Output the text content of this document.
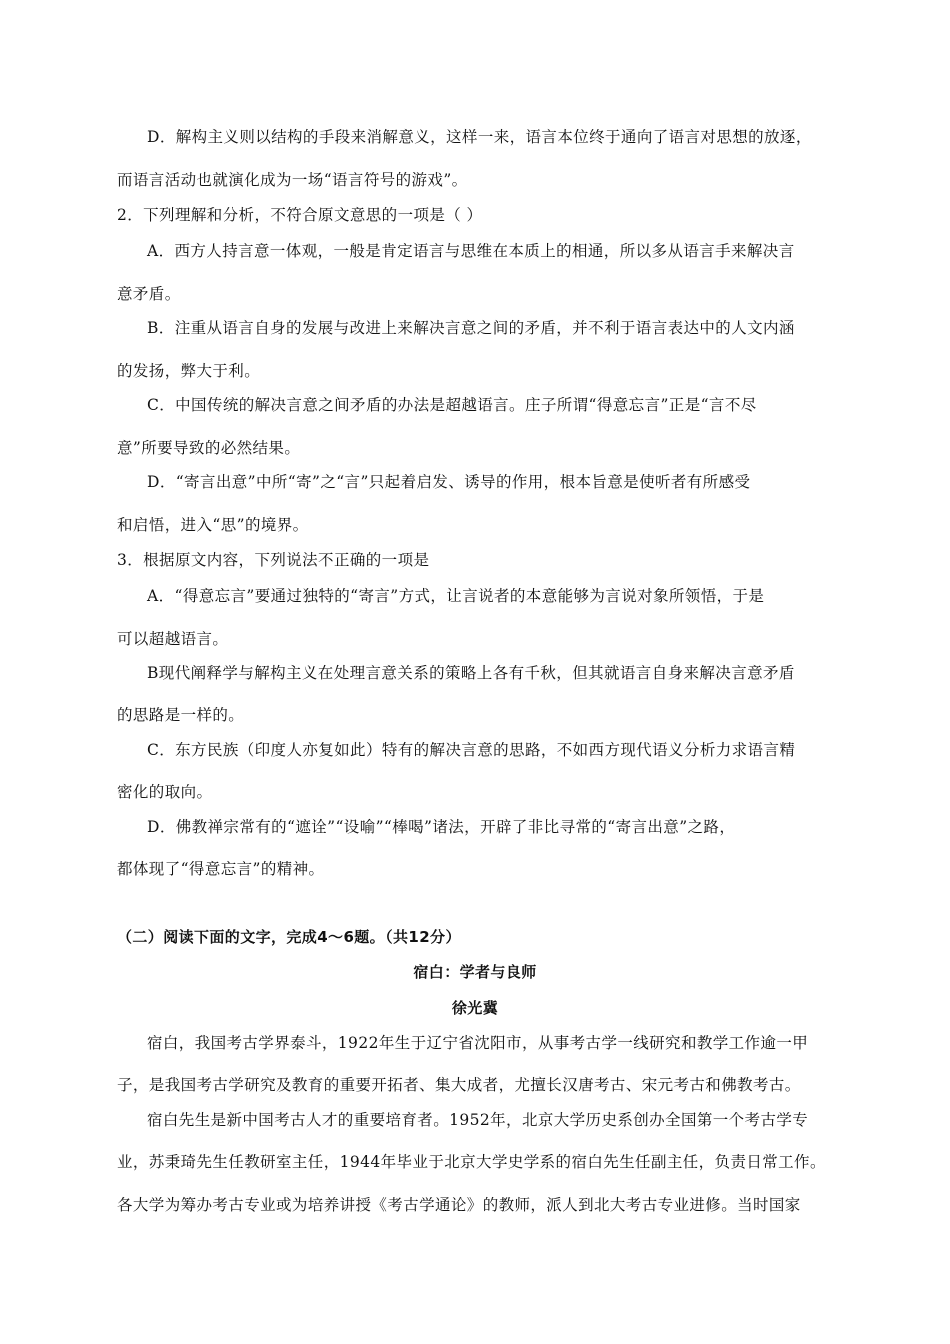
D．解构主义则以结构的手段来消解意义，这样一来，语言本位终于通向了语言对思想的放逐，
而语言活动也就演化成为一场“语言符号的游戏”。
2．下列理解和分析，不符合原文意思的一项是（ ）
A．西方人持言意一体观，一般是肯定语言与思维在本质上的相通，所以多从语言手来解决言
意矛盾。
B．注重从语言自身的发展与改进上来解决言意之间的矛盾，并不利于语言表达中的人文内涵
的发扬，弊大于利。
C．中国传统的解决言意之间矛盾的办法是超越语言。庄子所谓“得意忘言”正是“言不尽
意”所要导致的必然结果。
D．“寄言出意”中所“寄”之“言”只起着启发、诱导的作用，根本旨意是使听者有所感受
和启悟，进入“思”的境界。
3．根据原文内容，下列说法不正确的一项是
A．“得意忘言”要通过独特的“寄言”方式，让言说者的本意能够为言说对象所领悟，于是
可以超越语言。
B现代阐释学与解构主义在处理言意关系的策略上各有千秋，但其就语言自身来解决言意矛盾
的思路是一样的。
C．东方民族（印度人亦复如此）特有的解决言意的思路，不如西方现代语义分析力求语言精
密化的取向。
D．佛教禅宗常有的“遮诠”“设喻”“棒喝”诸法，开辟了非比寻常的“寄言出意”之路，
都体现了“得意忘言”的精神。
（二）阅读下面的文字，完成4～6题。（共12分）
宿白：学者与良师
徐光冀
宿白，我国考古学界泰斗，1922年生于辽宁省沈阳市，从事考古学一线研究和教学工作逾一甲
子，是我国考古学研究及教育的重要开拓者、集大成者，尤擅长汉唐考古、宋元考古和佛教考古。
宿白先生是新中国考古人才的重要培育者。1952年，北京大学历史系创办全国第一个考古学专
业，苏秉琦先生任教研室主任，1944年毕业于北京大学史学系的宿白先生任副主任，负责日常工作。
各大学为筹办考古专业或为培养讲授《考古学通论》的教师，派人到北大考古专业进修。当时国家
